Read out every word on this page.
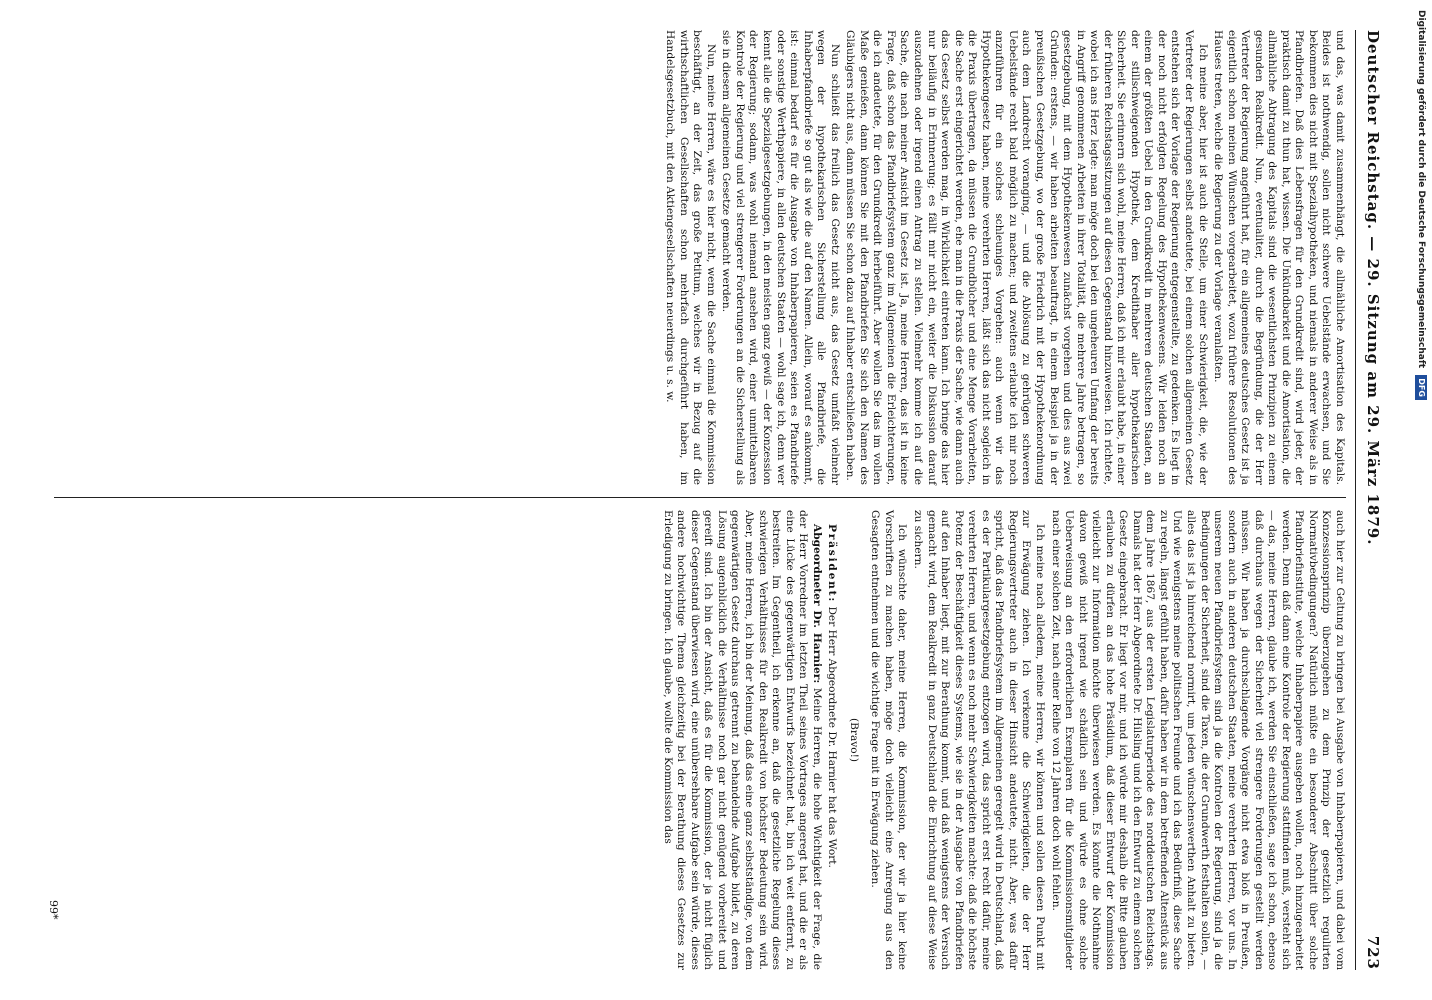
Deutscher Reichstag. — 29. Sitzung am 29. März 1879.
723

und das, was damit zusammenhängt, die allmähliche Amortisation des Kapitals. Beides ist nothwendig, sollen nicht schwere Uebelstände erwachsen, und Sie bekommen dies nicht mit Spezialhypotheken, und niemals in anderer Weise als in Pfandbriefen. Daß dies Lebensfragen für den Grundkredit sind, wird jeder, der praktisch damit zu thun hat, wissen. Die Unkündbarkeit und die Amortisation, die allmähliche Abtragung des Kapitals sind die wesentlichsten Prinzipien zu einem gesunden Realkredit. Nun, eventualiter, durch die Begründung, die der Herr Vertreter der Regierung angeführt hat, für ein allgemeines deutsches Gesetz ist ja eigentlich schon meinen Wünschen vorgearbeitet, wozu frühere Resolutionen des Hauses treten, welche die Regierung zu der Vorlage veranlaßten.

Ich meine aber, hier ist auch die Stelle, um einer Schwierigkeit, die, wie der Vertreter der Regierungen selbst andeutete, bei einem solchen allgemeinen Gesetz entstehen sich der Vorlage der Regierung entgegenstellte, zu gedenken. Es liegt in der noch nicht erfolgten Regelung des Hypothekenwesens. Wir leiden noch an einem der größten Uebel in den Grundkredit in mehreren deutschen Staaten, an der stillschweigenden Hypothek, dem Kredithaber aller hypothekarischen Sicherheit. Sie erinnern sich wohl, meine Herren, daß ich mir erlaubt habe, in einer der früheren Reichstagssitzungen auf diesen Gegenstand hinzuweisen. Ich richtete, wobei ich ans Herz legte: man möge doch bei den ungeheuren Umfang der bereits in Angriff genommenen Arbeiten in ihrer Totalität, die mehrere Jahre betragen, so gesetzgebung, mit dem Hypothekenwesen zunächst vorgehen und dies aus zwei Gründen: erstens, — wir haben arbeiten beauftragt, in einem Beispiel ja in der preußischen Gesetzgebung, wo der große Friedrich mit der Hypothekenordnung auch dem Landrecht voranging, — und die Ablösung zu gehrügen schweren Uebelstände recht bald möglich zu machen; und zweitens erlaubte ich mir noch anzuführen für ein solches schleuniges Vorgehen: auch wenn wir das Hypothekengesetz haben, meine verehrten Herren, läßt sich das nicht sogleich in die Praxis übertragen, da müssen die Grundbücher und eine Menge Vorarbeiten, die Sache erst eingerichtet werden, ehe man in die Praxis der Sache, wie dann auch das Gesetz selbst werden mag, in Wirklichkeit eintreten kann. Ich bringe das hier nur beiläufig in Erinnerung; es fällt mir nicht ein, weiter die Diskussion darauf auszudehnen oder irgend einen Antrag zu stellen. Vielmehr komme ich auf die Sache, die nach meiner Ansicht im Gesetz ist. Ja, meine Herren, das ist in keine Frage, daß schon das Pfandbriefsystem ganz im Allgemeinen die Erleichterungen, die ich andeutete, für den Grundkredit herbeiführt. Aber wollen Sie das im vollen Maße genießen, dann können Sie mit den Pfandbriefen Sie sich den Namen des Gläubigers nicht aus, dann müssen Sie schon dazu auf Inhaber entschließen haben.

Nun schließt das freilich das Gesetz nicht aus, das Gesetz umfaßt vielmehr wegen der hypothekarischen Sicherstellung alle Pfandbriefe, die Inhaberpfandbriefe so gut als wie die auf den Namen. Allein, worauf es ankommt, ist: einmal bedarf es für die Ausgabe von Inhaberpapieren, seien es Pfandbriefe oder sonstige Werthpapiere, in allen deutschen Staaten — wohl sage ich, denn wer kennt alle die Spezialgesetzgebungen, in den meisten ganz gewiß — der Konzession der Regierung; sodann, was wohl niemand ansehen wird, einer unmittelbaren Kontrole der Regierung und viel strengerer Forderungen an die Sicherstellung als sie in diesem allgemeinen Gesetze gemacht werden.

Nun, meine Herren, wäre es hier nicht, wenn die Sache einmal die Kommission beschäftigt, an der Zeit, das große Petitum, welches wir in Bezug auf die wirthschaftlichen Gesellschaften schon mehrfach durchgeführt haben, im Handelsgesetzbuch, mit den Aktiengesellschaften neuerdings u. s. w.

auch hier zur Geltung zu bringen bei Ausgabe von Inhaberpapieren, und dabei vom Konzessionsprinzip überzugehen zu dem Prinzip der gesetzlich regulirten Normativbedingungen? Natürlich müßte ein besonderer Abschnitt über solche Pfandbriefinstitute, welche Inhaberpapiere ausgeben wollen, noch hinzugearbeitet werden. Denn daß dann eine Kontrole der Regierung stattfinden muß, versteht sich — das, meine Herren, glaube ich, werden Sie einschließen, sage ich schon, ebenso daß durchaus wegen der Sicherheit viel strengere Forderungen gestellt werden müssen. Wir haben ja durchschlagende Vorgänge nicht etwa bloß in Preußen, sondern auch in anderen deutschen Staaten, meine verehrten Herren, vor uns. In unserem neuen Pfandbriefsystem sind ja die Kontrolen der Regierung, sind ja die Bedingungen der Sicherheit, sind die Taxen, die der Grundwerth festhalten sollen, — alles das ist ja hinreichend normirt, um jeden wünschenswerthen Anhalt zu bieten. Und wie wenigstens meine politischen Freunde und ich das Bedürfniß, diese Sache zu regeln, längst gefühlt haben, dafür haben wir in dem betreffenden Altenstück aus dem Jahre 1867, aus der ersten Legislaturperiode des norddeutschen Reichstags. Damals hat der Herr Abgeordnete Dr. Hilsling und ich den Entwurf zu einem solchen Gesetz eingebracht. Er liegt vor mir, und ich würde mir deshalb die Bitte glauben erlauben zu dürfen an das hohe Präsidium, daß dieser Entwurf der Kommission vielleicht zur Information möchte überwiesen werden. Es könnte die Nothnahme davon gewiß nicht irgend wie schädlich sein und würde es ohne solche Ueberweisung an den erforderlichen Exemplaren für die Kommissionsmitglieder nach einer solchen Zeit, nach einer Reihe von 12 Jahren doch wohl fehlen.

Ich meine nach alledem, meine Herren, wir können und sollen diesen Punkt mit zur Erwägung ziehen. Ich verkenne die Schwierigkeiten, die der Herr Regierungsvertreter auch in dieser Hinsicht andeutete, nicht. Aber, was dafür spricht, daß das Pfandbriefsystem im Allgemeinen geregelt wird in Deutschland, daß es der Partikulargesetzgebung entzogen wird, das spricht erst recht dafür, meine verehrten Herren, und wenn es noch mehr Schwierigkeiten machte: daß die höchste Potenz der Beschäftigkeit dieses Systems, wie sie in der Ausgabe von Pfandbriefen auf den Inhaber liegt, mit zur Berathung kommt, und daß wenigstens der Versuch gemacht wird, dem Realkredit in ganz Deutschland die Einrichtung auf diese Weise zu sichern.

Ich wünschte daher, meine Herren, die Kommission, der wir ja hier keine Vorschriften zu machen haben, möge doch vielleicht eine Anregung aus den Gesagten entnehmen und die wichtige Frage mit in Erwägung ziehen.

(Bravo!)

Präsident: Der Herr Abgeordnete Dr. Harnier hat das Wort.

Abgeordneter Dr. Harnier: Meine Herren, die hohe Wichtigkeit der Frage, die der Herr Vorredner im letzten Theil seines Vortrages angeregt hat, und die er als eine Lücke des gegenwärtigen Entwurfs bezeichnet hat, bin ich weit entfernt, zu bestreiten. Im Gegentheil, ich erkenne an, daß die gesetzliche Regelung dieses schwierigen Verhältnisses für den Realkredit von höchster Bedeutung sein wird. Aber, meine Herren, ich bin der Meinung, daß das eine ganz selbstständige, von dem gegenwärtigen Gesetz durchaus getrennt zu behandelnde Aufgabe bildet, zu deren Lösung augenblicklich die Verhältnisse noch gar nicht genügend vorbereitet und gereift sind. Ich bin der Ansicht, daß es für die Kommission, der ja nicht füglich dieser Gegenstand überwiesen wird, eine unübersehbare Aufgabe sein würde, dieses andere hochwichtige Thema gleichzeitig bei der Berathung dieses Gesetzes zur Erledigung zu bringen. Ich glaube, wollte die Kommission das

99*
Digitalisierung gefördert durch die Deutsche Forschungsgemeinschaft DFG
